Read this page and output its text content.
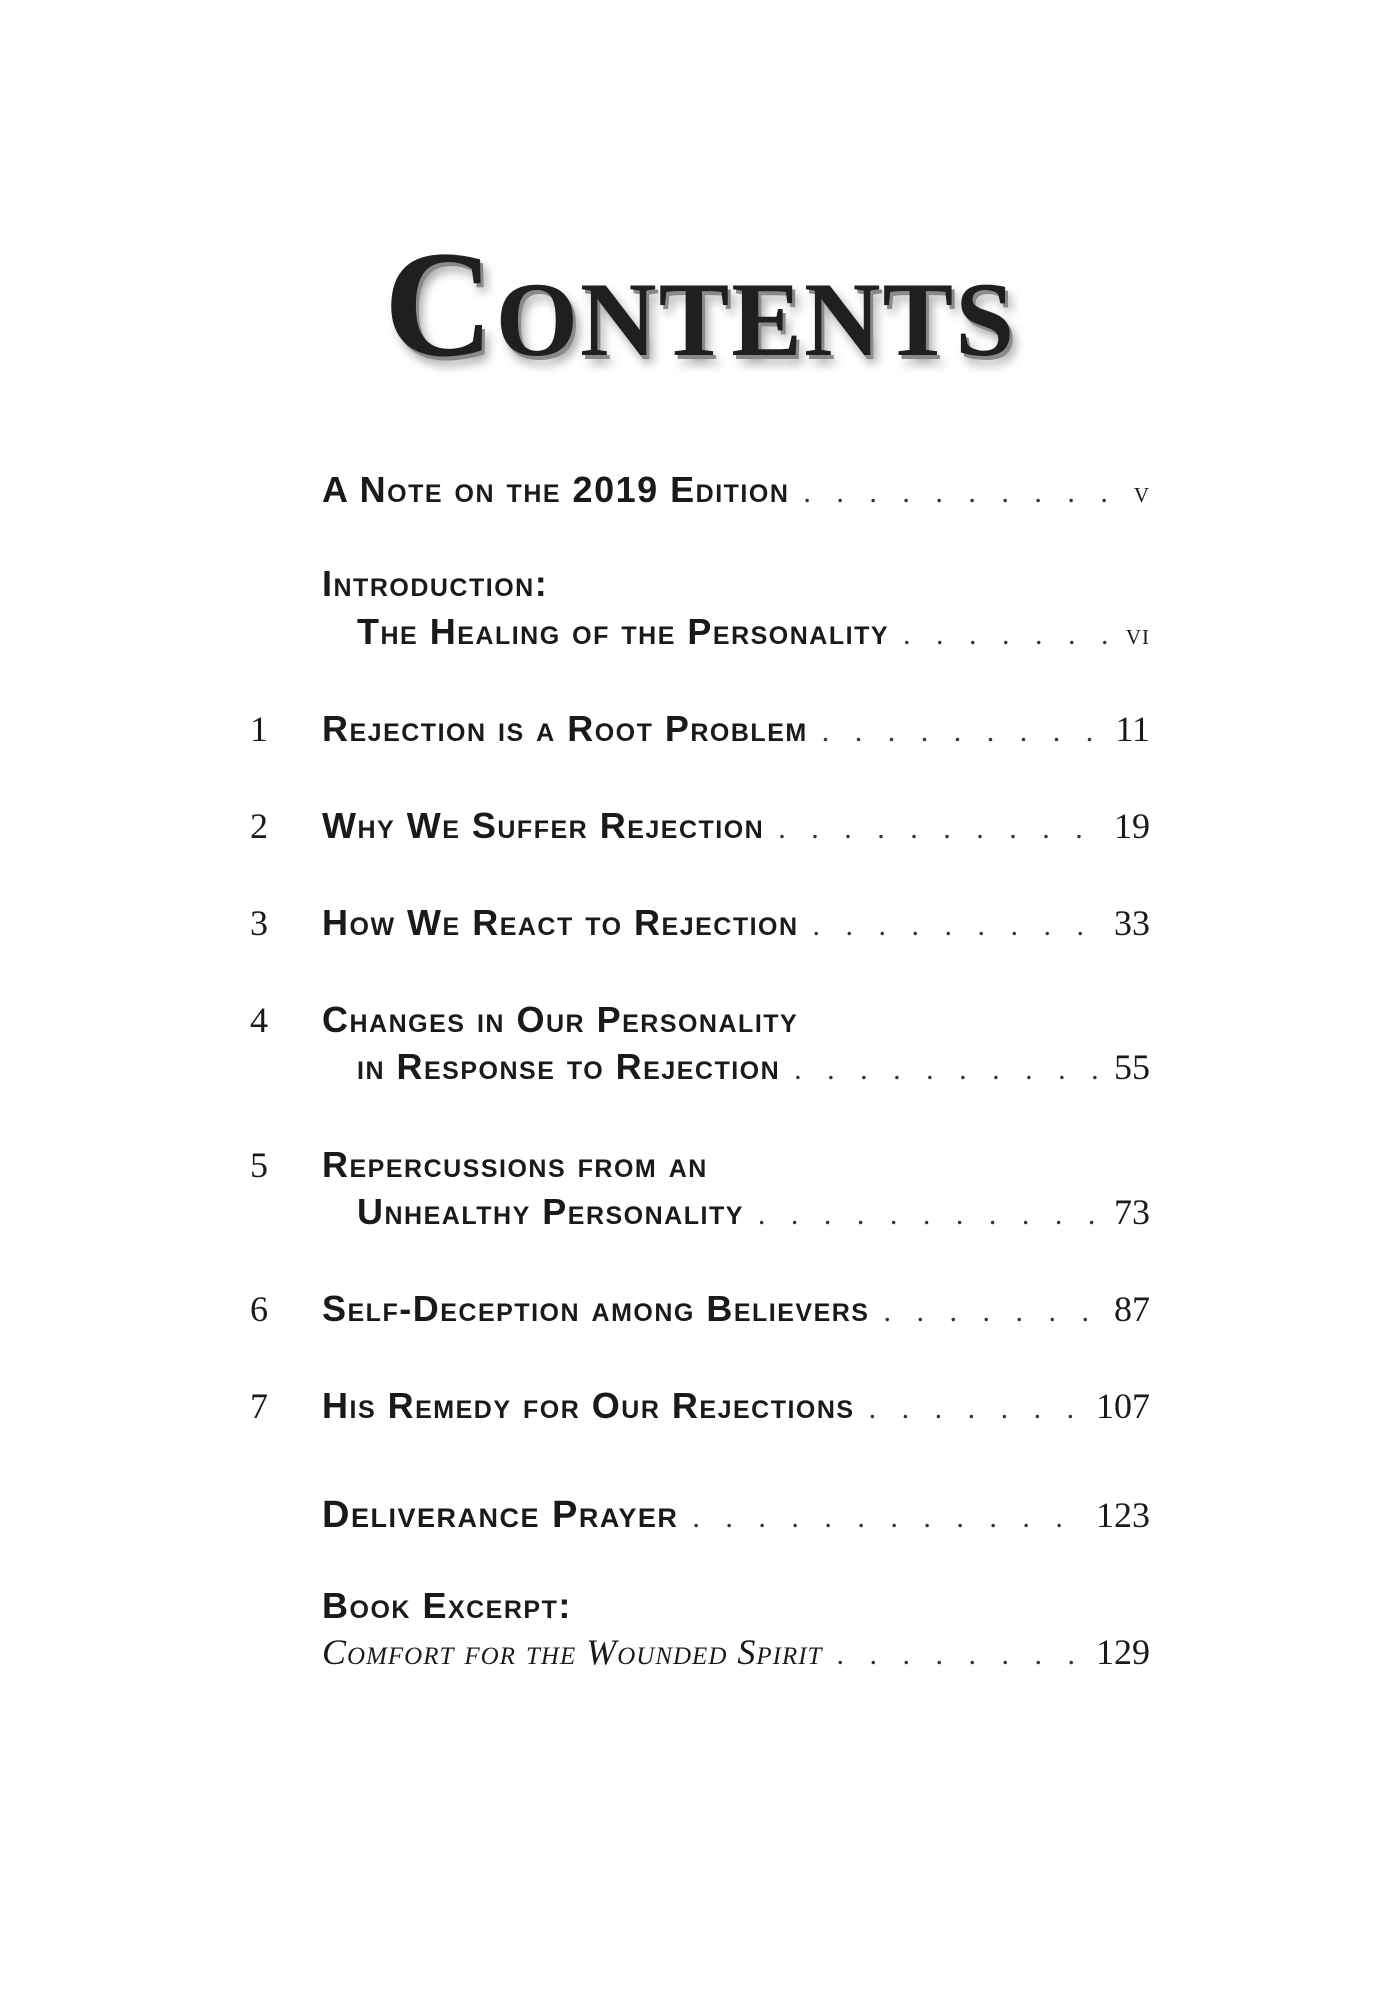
Contents
A Note on the 2019 Edition . . .	v
Introduction:
The Healing of the Personality . . .	vi
1	Rejection is a Root Problem . . .	11
2	Why We Suffer Rejection . . .	19
3	How We React to Rejection . . .	33
4	Changes in Our Personality
in Response to Rejection . . .	55
5	Repercussions from an
Unhealthy Personality . . .	73
6	Self-Deception among Believers . . .	87
7	His Remedy for Our Rejections . . .	107
Deliverance Prayer . . .	123
Book Excerpt:
Comfort for the Wounded Spirit . . .	129
